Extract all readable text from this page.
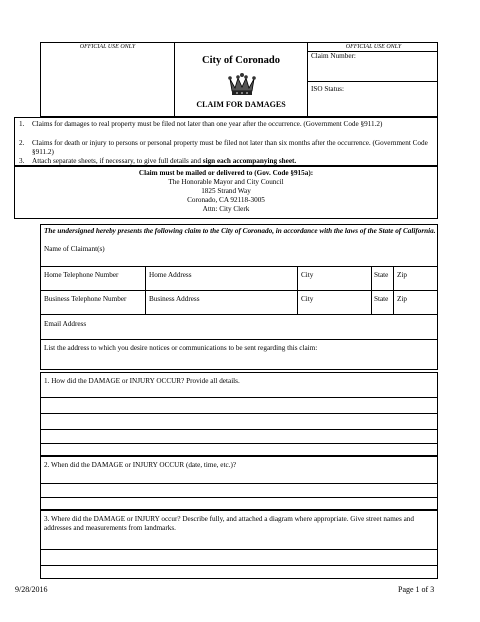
OFFICIAL USE ONLY
City of Coronado
CLAIM FOR DAMAGES
OFFICIAL USE ONLY
Claim Number:
ISO Status:
1. Claims for damages to real property must be filed not later than one year after the occurrence. (Government Code §911.2)
2. Claims for death or injury to persons or personal property must be filed not later than six months after the occurrence. (Government Code §911.2)
3. Attach separate sheets, if necessary, to give full details and sign each accompanying sheet.
Claim must be mailed or delivered to (Gov. Code §915a):
The Honorable Mayor and City Council
1825 Strand Way
Coronado, CA 92118-3005
Attn: City Clerk
The undersigned hereby presents the following claim to the City of Coronado, in accordance with the laws of the State of California.
Name of Claimant(s)
Home Telephone Number	Home Address	City	State Zip
Business Telephone Number	Business Address	City	State Zip
Email Address
List the address to which you desire notices or communications to be sent regarding this claim:
1. How did the DAMAGE or INJURY OCCUR? Provide all details.
2. When did the DAMAGE or INJURY OCCUR (date, time, etc.)?
3. Where did the DAMAGE or INJURY occur? Describe fully, and attached a diagram where appropriate. Give street names and addresses and measurements from landmarks.
9/28/2016	Page 1 of 3
